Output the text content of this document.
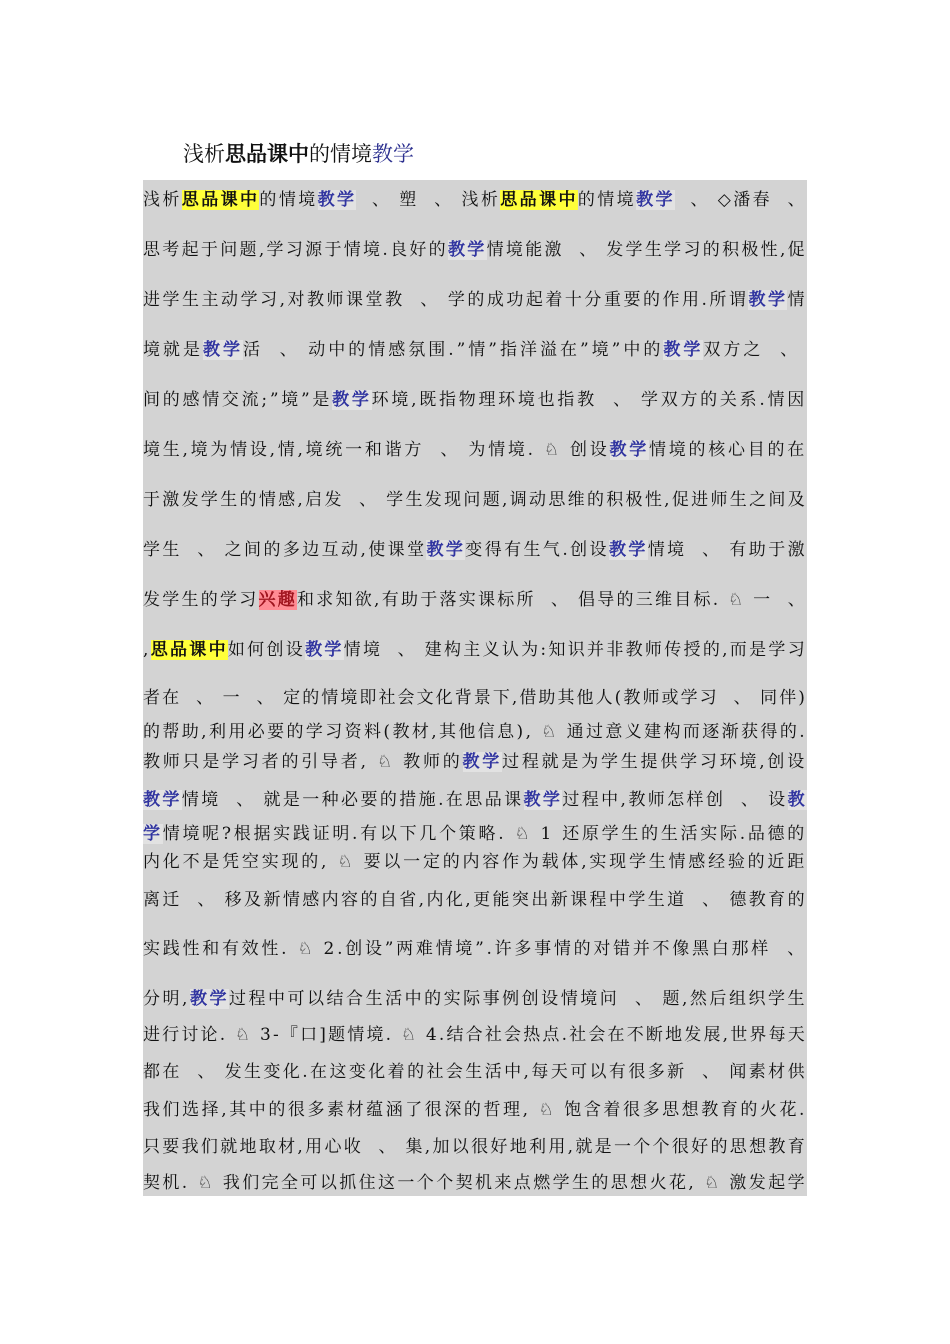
浅析思品课中的情境教学
浅析思品课中的情境教学  、 塑  、 浅析思品课中的情境教学  、 ◇潘春  、
思考起于问题,学习源于情境.良好的教学情境能激  、 发学生学习的积极性,促
进学生主动学习,对教师课堂教  、 学的成功起着十分重要的作用.所谓教学情
境就是教学活  、 动中的情感氛围.”情”指洋溢在”境”中的教学双方之  、
间的感情交流;”境”是教学环境,既指物理环境也指教  、 学双方的关系.情因
境生,境为情设,情,境统一和谐方  、 为情境. ♘ 创设教学情境的核心目的在
于激发学生的情感,启发  、 学生发现问题,调动思维的积极性,促进师生之间及
学生  、 之间的多边互动,使课堂教学变得有生气.创设教学情境  、 有助于激
发学生的学习兴趣和求知欲,有助于落实课标所  、 倡导的三维目标. ♘ 一  、
,思品课中如何创设教学情境  、 建构主义认为:知识并非教师传授的,而是学习
者在  、 一  、 定的情境即社会文化背景下,借助其他人(教师或学习  、 同伴)
的帮助,利用必要的学习资料(教材,其他信息), ♘ 通过意义建构而逐渐获得的.
教师只是学习者的引导者, ♘ 教师的教学过程就是为学生提供学习环境,创设
教学情境  、 就是一种必要的措施.在思品课教学过程中,教师怎样创  、 设教
学情境呢?根据实践证明.有以下几个策略. ♘ 1 还原学生的生活实际.品德的
内化不是凭空实现的, ♘ 要以一定的内容作为载体,实现学生情感经验的近距
离迁  、 移及新情感内容的自省,内化,更能突出新课程中学生道  、 德教育的
实践性和有效性. ♘ 2.创设”两难情境”.许多事情的对错并不像黑白那样  、
分明,教学过程中可以结合生活中的实际事例创设情境问  、 题,然后组织学生
进行讨论. ♘ 3-『口]题情境. ♘ 4.结合社会热点.社会在不断地发展,世界每天
都在  、 发生变化.在这变化着的社会生活中,每天可以有很多新  、 闻素材供
我们选择,其中的很多素材蕴涵了很深的哲理, ♘ 饱含着很多思想教育的火花.
只要我们就地取材,用心收  、 集,加以很好地利用,就是一个个很好的思想教育
契机. ♘ 我们完全可以抓住这一个个契机来点燃学生的思想火花, ♘ 激发起学
